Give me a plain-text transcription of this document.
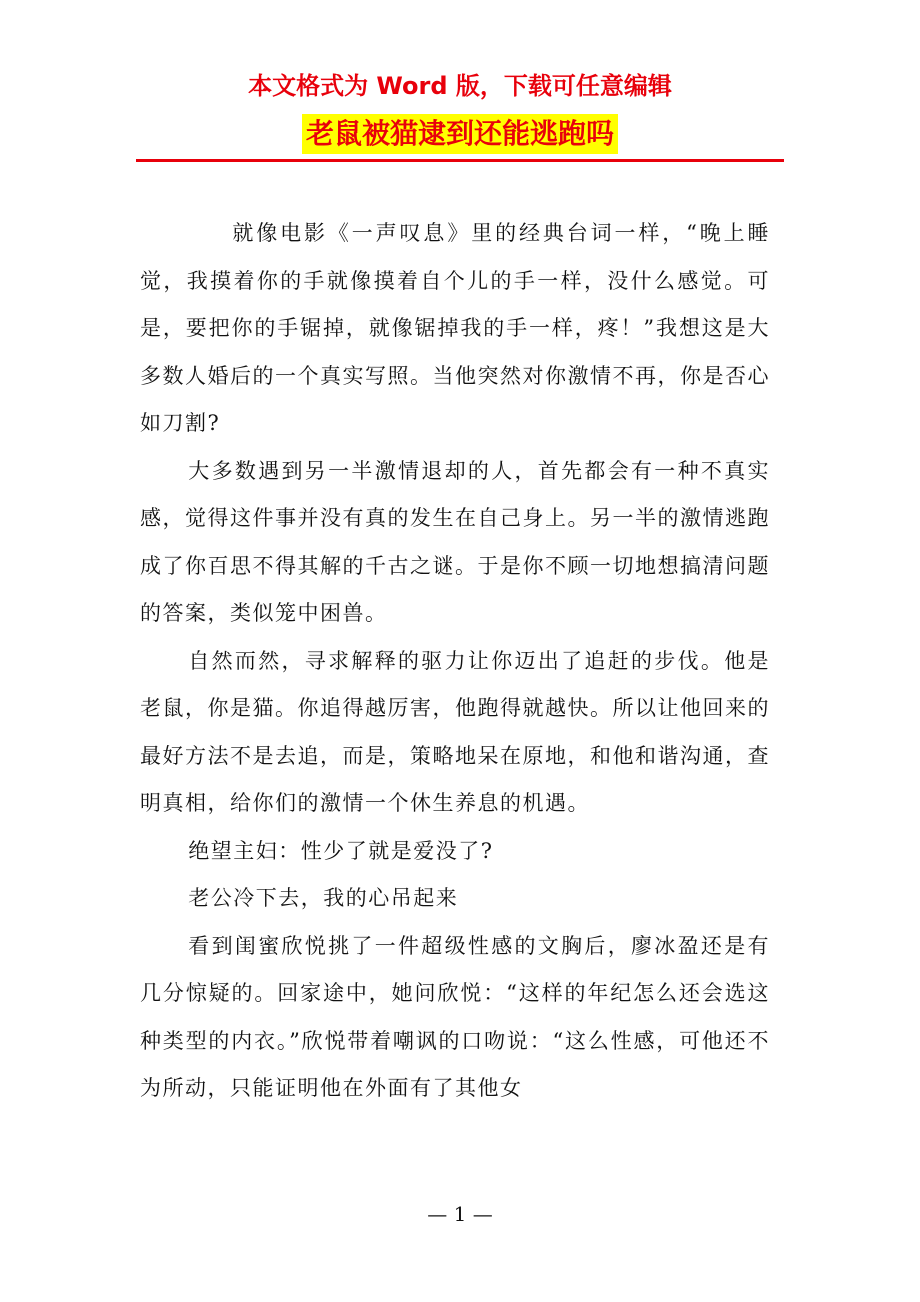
本文格式为 Word 版，下载可任意编辑
老鼠被猫逮到还能逃跑吗

就像电影《一声叹息》里的经典台词一样，“晚上睡觉，我摸着你的手就像摸着自个儿的手一样，没什么感觉。可是，要把你的手锯掉，就像锯掉我的手一样，疼！”我想这是大多数人婚后的一个真实写照。当他突然对你激情不再，你是否心如刀割?

大多数遇到另一半激情退却的人，首先都会有一种不真实感，觉得这件事并没有真的发生在自己身上。另一半的激情逃跑成了你百思不得其解的千古之谜。于是你不顾一切地想搞清问题的答案，类似笼中困兽。

自然而然，寻求解释的驱力让你迈出了追赶的步伐。他是老鼠，你是猫。你追得越厉害，他跑得就越快。所以让他回来的最好方法不是去追，而是，策略地呆在原地，和他和谐沟通，查明真相，给你们的激情一个休生养息的机遇。

绝望主妇：性少了就是爱没了?

老公冷下去，我的心吊起来

看到闺蜜欣悦挑了一件超级性感的文胸后，廖冰盈还是有几分惊疑的。回家途中，她问欣悦：“这样的年纪怎么还会选这种类型的内衣。”欣悦带着嘲讽的口吻说：“这么性感，可他还不为所动，只能证明他在外面有了其他女

— 1 —
